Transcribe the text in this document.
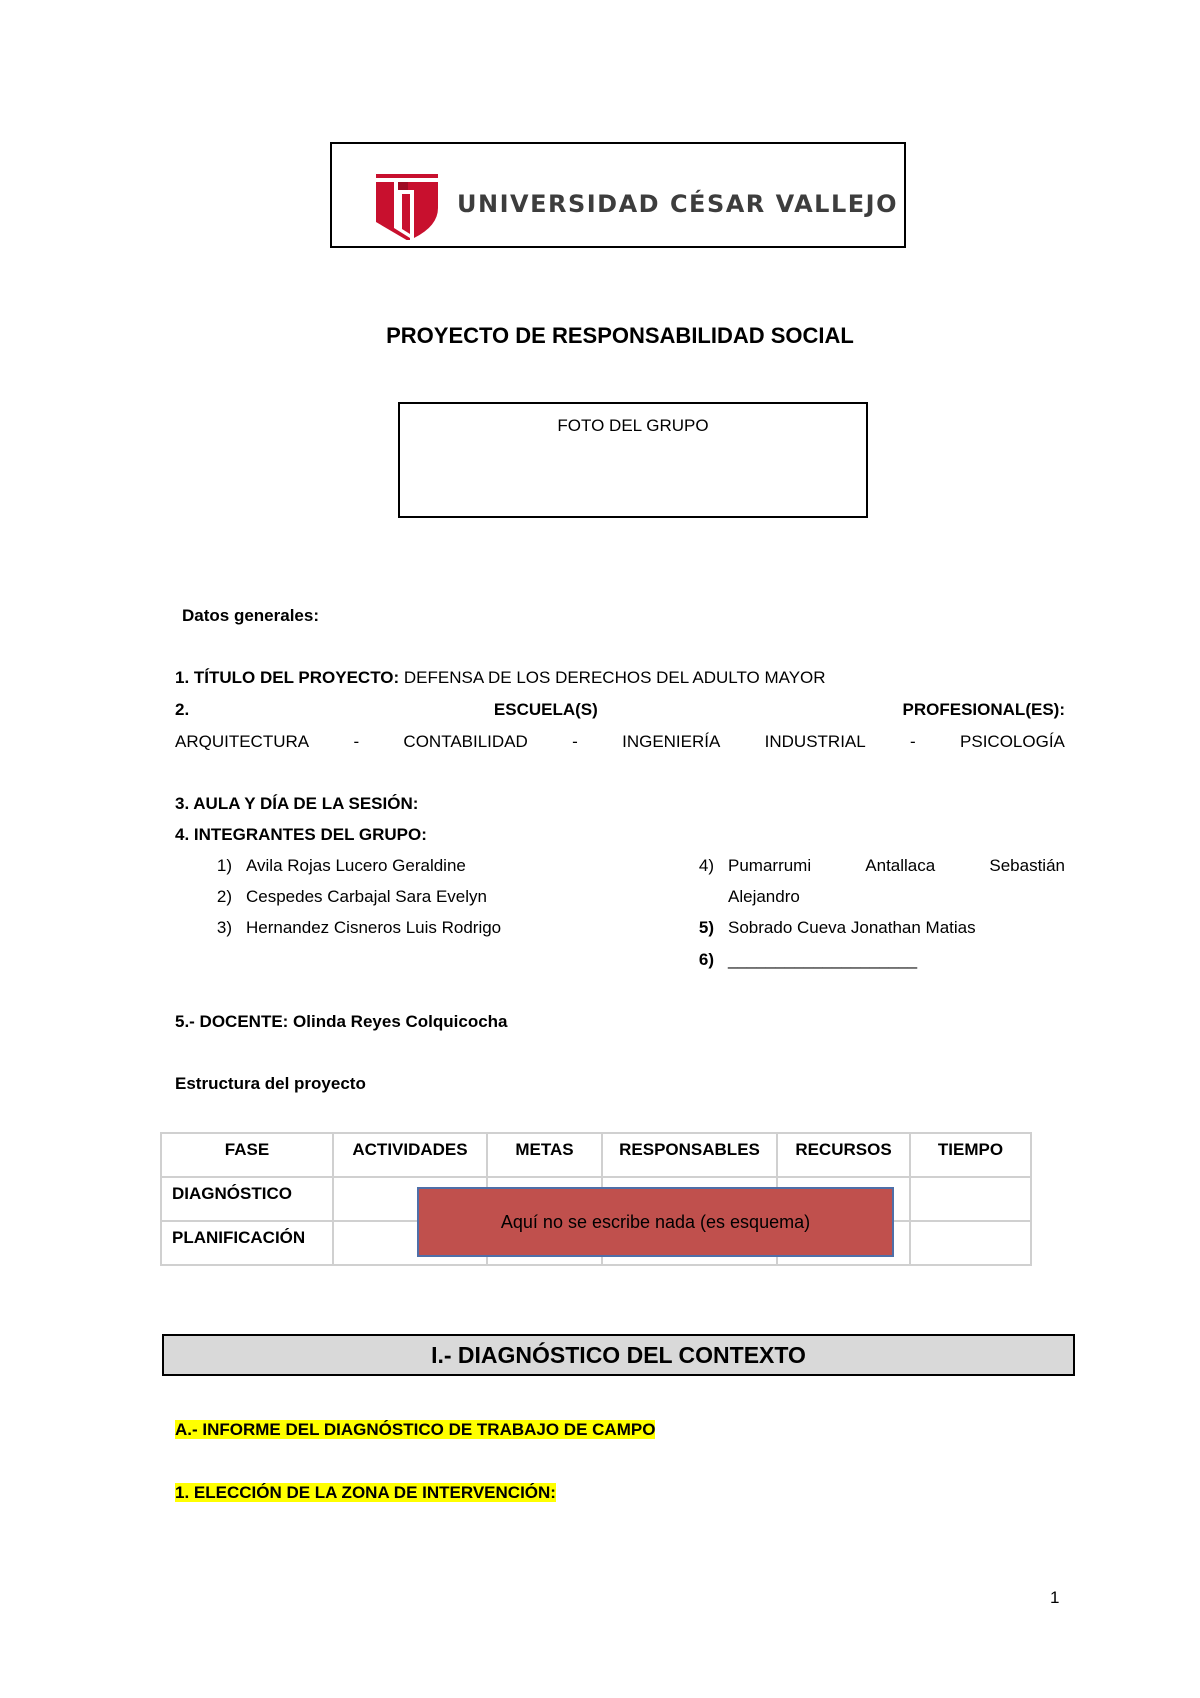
UNIVERSIDAD CÉSAR VALLEJO
PROYECTO DE RESPONSABILIDAD SOCIAL
FOTO DEL GRUPO
Datos generales:
1. TÍTULO DEL PROYECTO: DEFENSA DE LOS DERECHOS DEL ADULTO MAYOR
2.	ESCUELA(S)	PROFESIONAL(ES):
ARQUITECTURA	-	CONTABILIDAD	-	INGENIERÍA	INDUSTRIAL	-	PSICOLOGÍA
3. AULA Y DÍA DE LA SESIÓN:
4. INTEGRANTES DEL GRUPO:
1) Avila Rojas Lucero Geraldine
2) Cespedes Carbajal Sara Evelyn
3) Hernandez Cisneros Luis Rodrigo
4) Pumarrumi	Antallaca	Sebastián
Alejandro
5) Sobrado Cueva Jonathan Matias
6) ____________________
5.- DOCENTE: Olinda Reyes Colquicocha
Estructura del proyecto
FASE	ACTIVIDADES	METAS	RESPONSABLES	RECURSOS	TIEMPO
DIAGNÓSTICO					
PLANIFICACIÓN					
Aquí no se escribe nada (es esquema)
I.- DIAGNÓSTICO DEL CONTEXTO
A.- INFORME DEL DIAGNÓSTICO DE TRABAJO DE CAMPO
1. ELECCIÓN DE LA ZONA DE INTERVENCIÓN:
1
